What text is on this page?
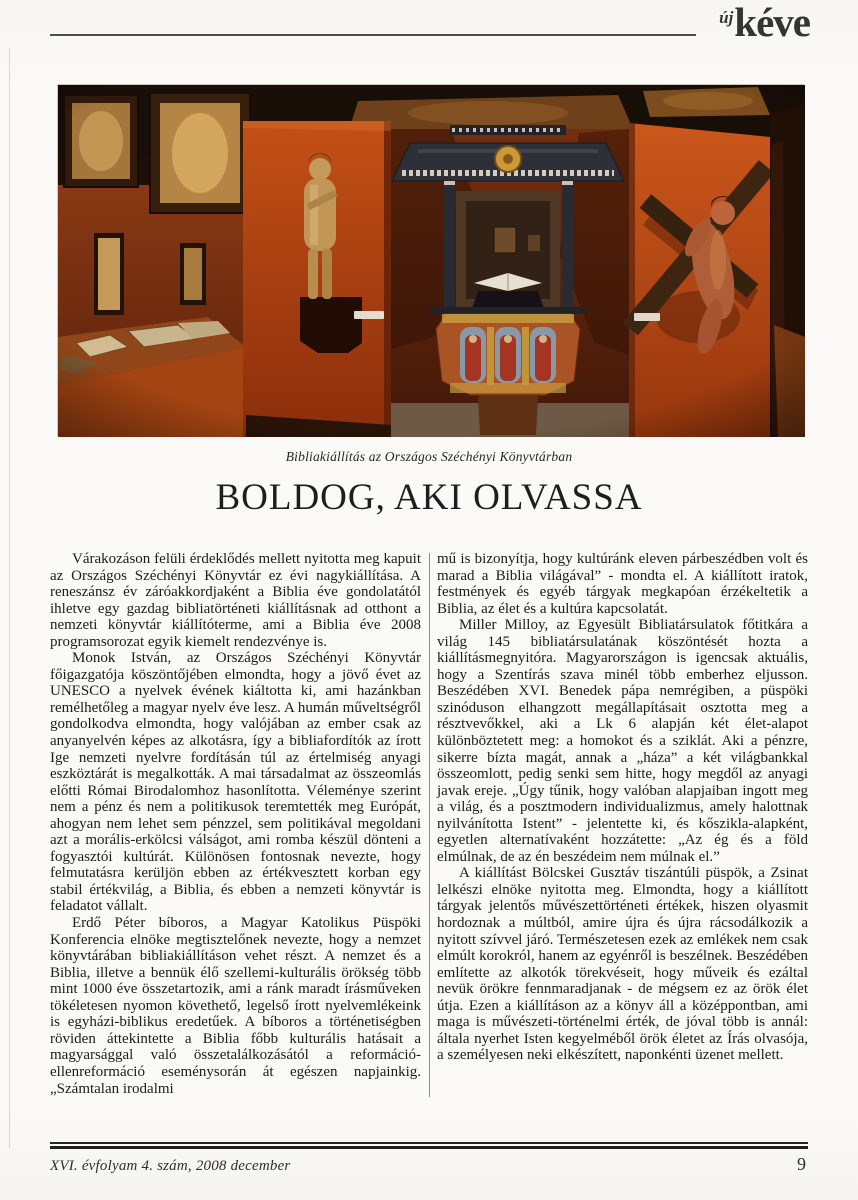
újkéve

Bibliakiállítás az Országos Széchényi Könyvtárban

BOLDOG, AKI OLVASSA

Várakozáson felüli érdeklődés mellett nyitotta meg kapuit az Országos Széchényi Könyvtár ez évi nagykiállítása. A reneszánsz év záróakkordjaként a Biblia éve gondolatától ihletve egy gazdag bibliatörténeti kiállításnak ad otthont a nemzeti könyvtár kiállítóterme, ami a Biblia éve 2008 programsorozat egyik kiemelt rendezvénye is.

Monok István, az Országos Széchényi Könyvtár főigazgatója köszöntőjében elmondta, hogy a jövő évet az UNESCO a nyelvek évének kiáltotta ki, ami hazánkban remélhetőleg a magyar nyelv éve lesz. A humán műveltségről gondolkodva elmondta, hogy valójában az ember csak az anyanyelvén képes az alkotásra, így a bibliafordítók az írott Ige nemzeti nyelvre fordításán túl az értelmiség anyagi eszköztárát is megalkották. A mai társadalmat az összeomlás előtti Római Birodalomhoz hasonlította. Véleménye szerint nem a pénz és nem a politikusok teremtették meg Európát, ahogyan nem lehet sem pénzzel, sem politikával megoldani azt a morális-erkölcsi válságot, ami romba készül dönteni a fogyasztói kultúrát. Különösen fontosnak nevezte, hogy felmutatásra kerüljön ebben az értékvesztett korban egy stabil értékvilág, a Biblia, és ebben a nemzeti könyvtár is feladatot vállalt.

Erdő Péter bíboros, a Magyar Katolikus Püspöki Konferencia elnöke megtisztelőnek nevezte, hogy a nemzet könyvtárában bibliakiállításon vehet részt. A nemzet és a Biblia, illetve a bennük élő szellemi-kulturális örökség több mint 1000 éve összetartozik, ami a ránk maradt írásműveken tökéletesen nyomon követhető, legelső írott nyelvemlékeink is egyházi-biblikus eredetűek. A bíboros a történetiségben röviden áttekintette a Biblia főbb kulturális hatásait a magyarsággal való összetalálkozásától a reformáció-ellenreformáció eseménysorán át egészen napjainkig. „Számtalan irodalmi

mű is bizonyítja, hogy kultúránk eleven párbeszédben volt és marad a Biblia világával” - mondta el. A kiállított iratok, festmények és egyéb tárgyak megkapóan érzékeltetik a Biblia, az élet és a kultúra kapcsolatát.

Miller Milloy, az Egyesült Bibliatársulatok főtitkára a világ 145 bibliatársulatának köszöntését hozta a kiállításmegnyitóra. Magyarországon is igencsak aktuális, hogy a Szentírás szava minél több emberhez eljusson. Beszédében XVI. Benedek pápa nemrégiben, a püspöki szinóduson elhangzott megállapításait osztotta meg a résztvevőkkel, aki a Lk 6 alapján két élet-alapot különböztetett meg: a homokot és a sziklát. Aki a pénzre, sikerre bízta magát, annak a „háza” a két világbankkal összeomlott, pedig senki sem hitte, hogy megdől az anyagi javak ereje. „Úgy tűnik, hogy valóban alapjaiban ingott meg a világ, és a posztmodern individualizmus, amely halottnak nyilvánította Istent” - jelentette ki, és kőszikla-alapként, egyetlen alternatívaként hozzátette: „Az ég és a föld elmúlnak, de az én beszédeim nem múlnak el.”

A kiállítást Bölcskei Gusztáv tiszántúli püspök, a Zsinat lelkészi elnöke nyitotta meg. Elmondta, hogy a kiállított tárgyak jelentős művészettörténeti értékek, hiszen olyasmit hordoznak a múltból, amire újra és újra rácsodálkozik a nyitott szívvel járó. Természetesen ezek az emlékek nem csak elmúlt korokról, hanem az egyénről is beszélnek. Beszédében említette az alkotók törekvéseit, hogy műveik és ezáltal nevük örökre fennmaradjanak - de mégsem ez az örök élet útja. Ezen a kiállításon az a könyv áll a középpontban, ami maga is művészeti-történelmi érték, de jóval több is annál: általa nyerhet Isten kegyelméből örök életet az Írás olvasója, a személyesen neki elkészített, naponkénti üzenet mellett.

XVI. évfolyam 4. szám, 2008 december	9
